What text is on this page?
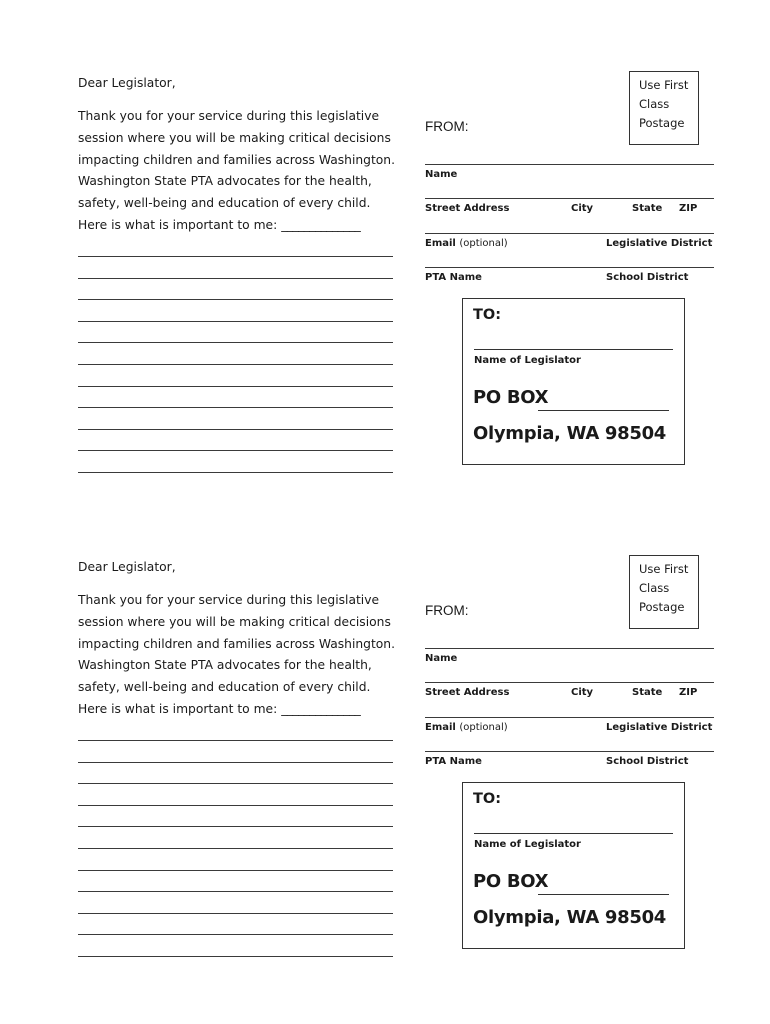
Dear Legislator,

Thank you for your service during this legislative session where you will be making critical decisions impacting children and families across Washington. Washington State PTA advocates for the health, safety, well-being and education of every child. Here is what is important to me: ______________

Use First
Class
Postage
FROM:
Name
Street Address	City	State ZIP
Email (optional)	Legislative District
PTA Name	School District
TO:
Name of Legislator
PO BOX
Olympia, WA 98504

Dear Legislator,

Thank you for your service during this legislative session where you will be making critical decisions impacting children and families across Washington. Washington State PTA advocates for the health, safety, well-being and education of every child. Here is what is important to me: ______________

Use First
Class
Postage
FROM:
Name
Street Address	City	State ZIP
Email (optional)	Legislative District
PTA Name	School District
TO:
Name of Legislator
PO BOX
Olympia, WA 98504
